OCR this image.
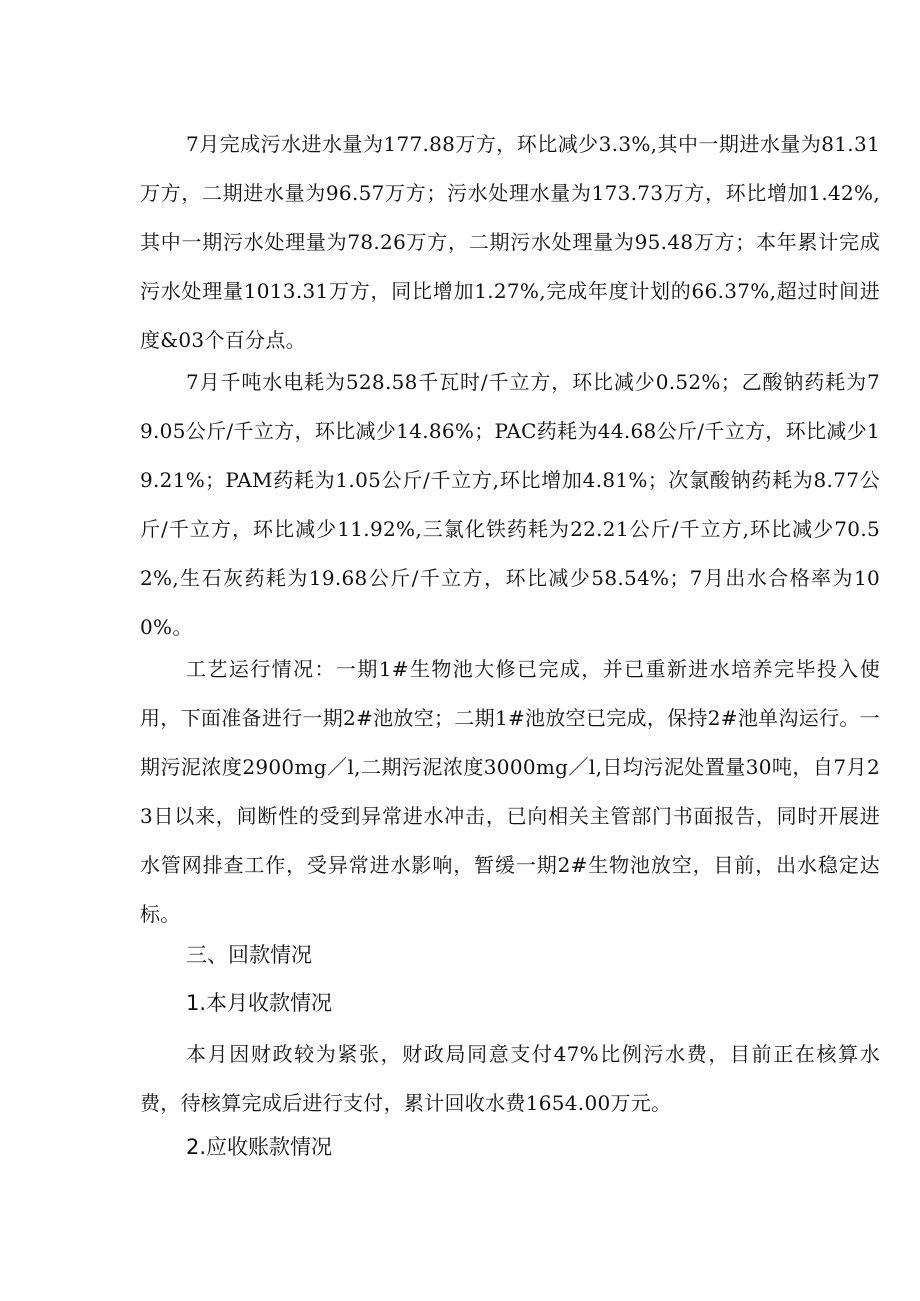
7月完成污水进水量为177.88万方，环比减少3.3%,其中一期进水量为81.31万方，二期进水量为96.57万方；污水处理水量为173.73万方，环比增加1.42%,其中一期污水处理量为78.26万方，二期污水处理量为95.48万方；本年累计完成污水处理量1013.31万方，同比增加1.27%,完成年度计划的66.37%,超过时间进度&03个百分点。

7月千吨水电耗为528.58千瓦时/千立方，环比减少0.52%；乙酸钠药耗为79.05公斤/千立方，环比减少14.86%；PAC药耗为44.68公斤/千立方，环比减少19.21%；PAM药耗为1.05公斤/千立方,环比增加4.81%；次氯酸钠药耗为8.77公斤/千立方，环比减少11.92%,三氯化铁药耗为22.21公斤/千立方,环比减少70.52%,生石灰药耗为19.68公斤/千立方，环比减少58.54%；7月出水合格率为100%。

工艺运行情况：一期1#生物池大修已完成，并已重新进水培养完毕投入使用，下面准备进行一期2#池放空；二期1#池放空已完成，保持2#池单沟运行。一期污泥浓度2900mg／l,二期污泥浓度3000mg／l,日均污泥处置量30吨，自7月23日以来，间断性的受到异常进水冲击，已向相关主管部门书面报告，同时开展进水管网排查工作，受异常进水影响，暂缓一期2#生物池放空，目前，出水稳定达标。

三、回款情况
1.本月收款情况

本月因财政较为紧张，财政局同意支付47%比例污水费，目前正在核算水费，待核算完成后进行支付，累计回收水费1654.00万元。

2.应收账款情况
